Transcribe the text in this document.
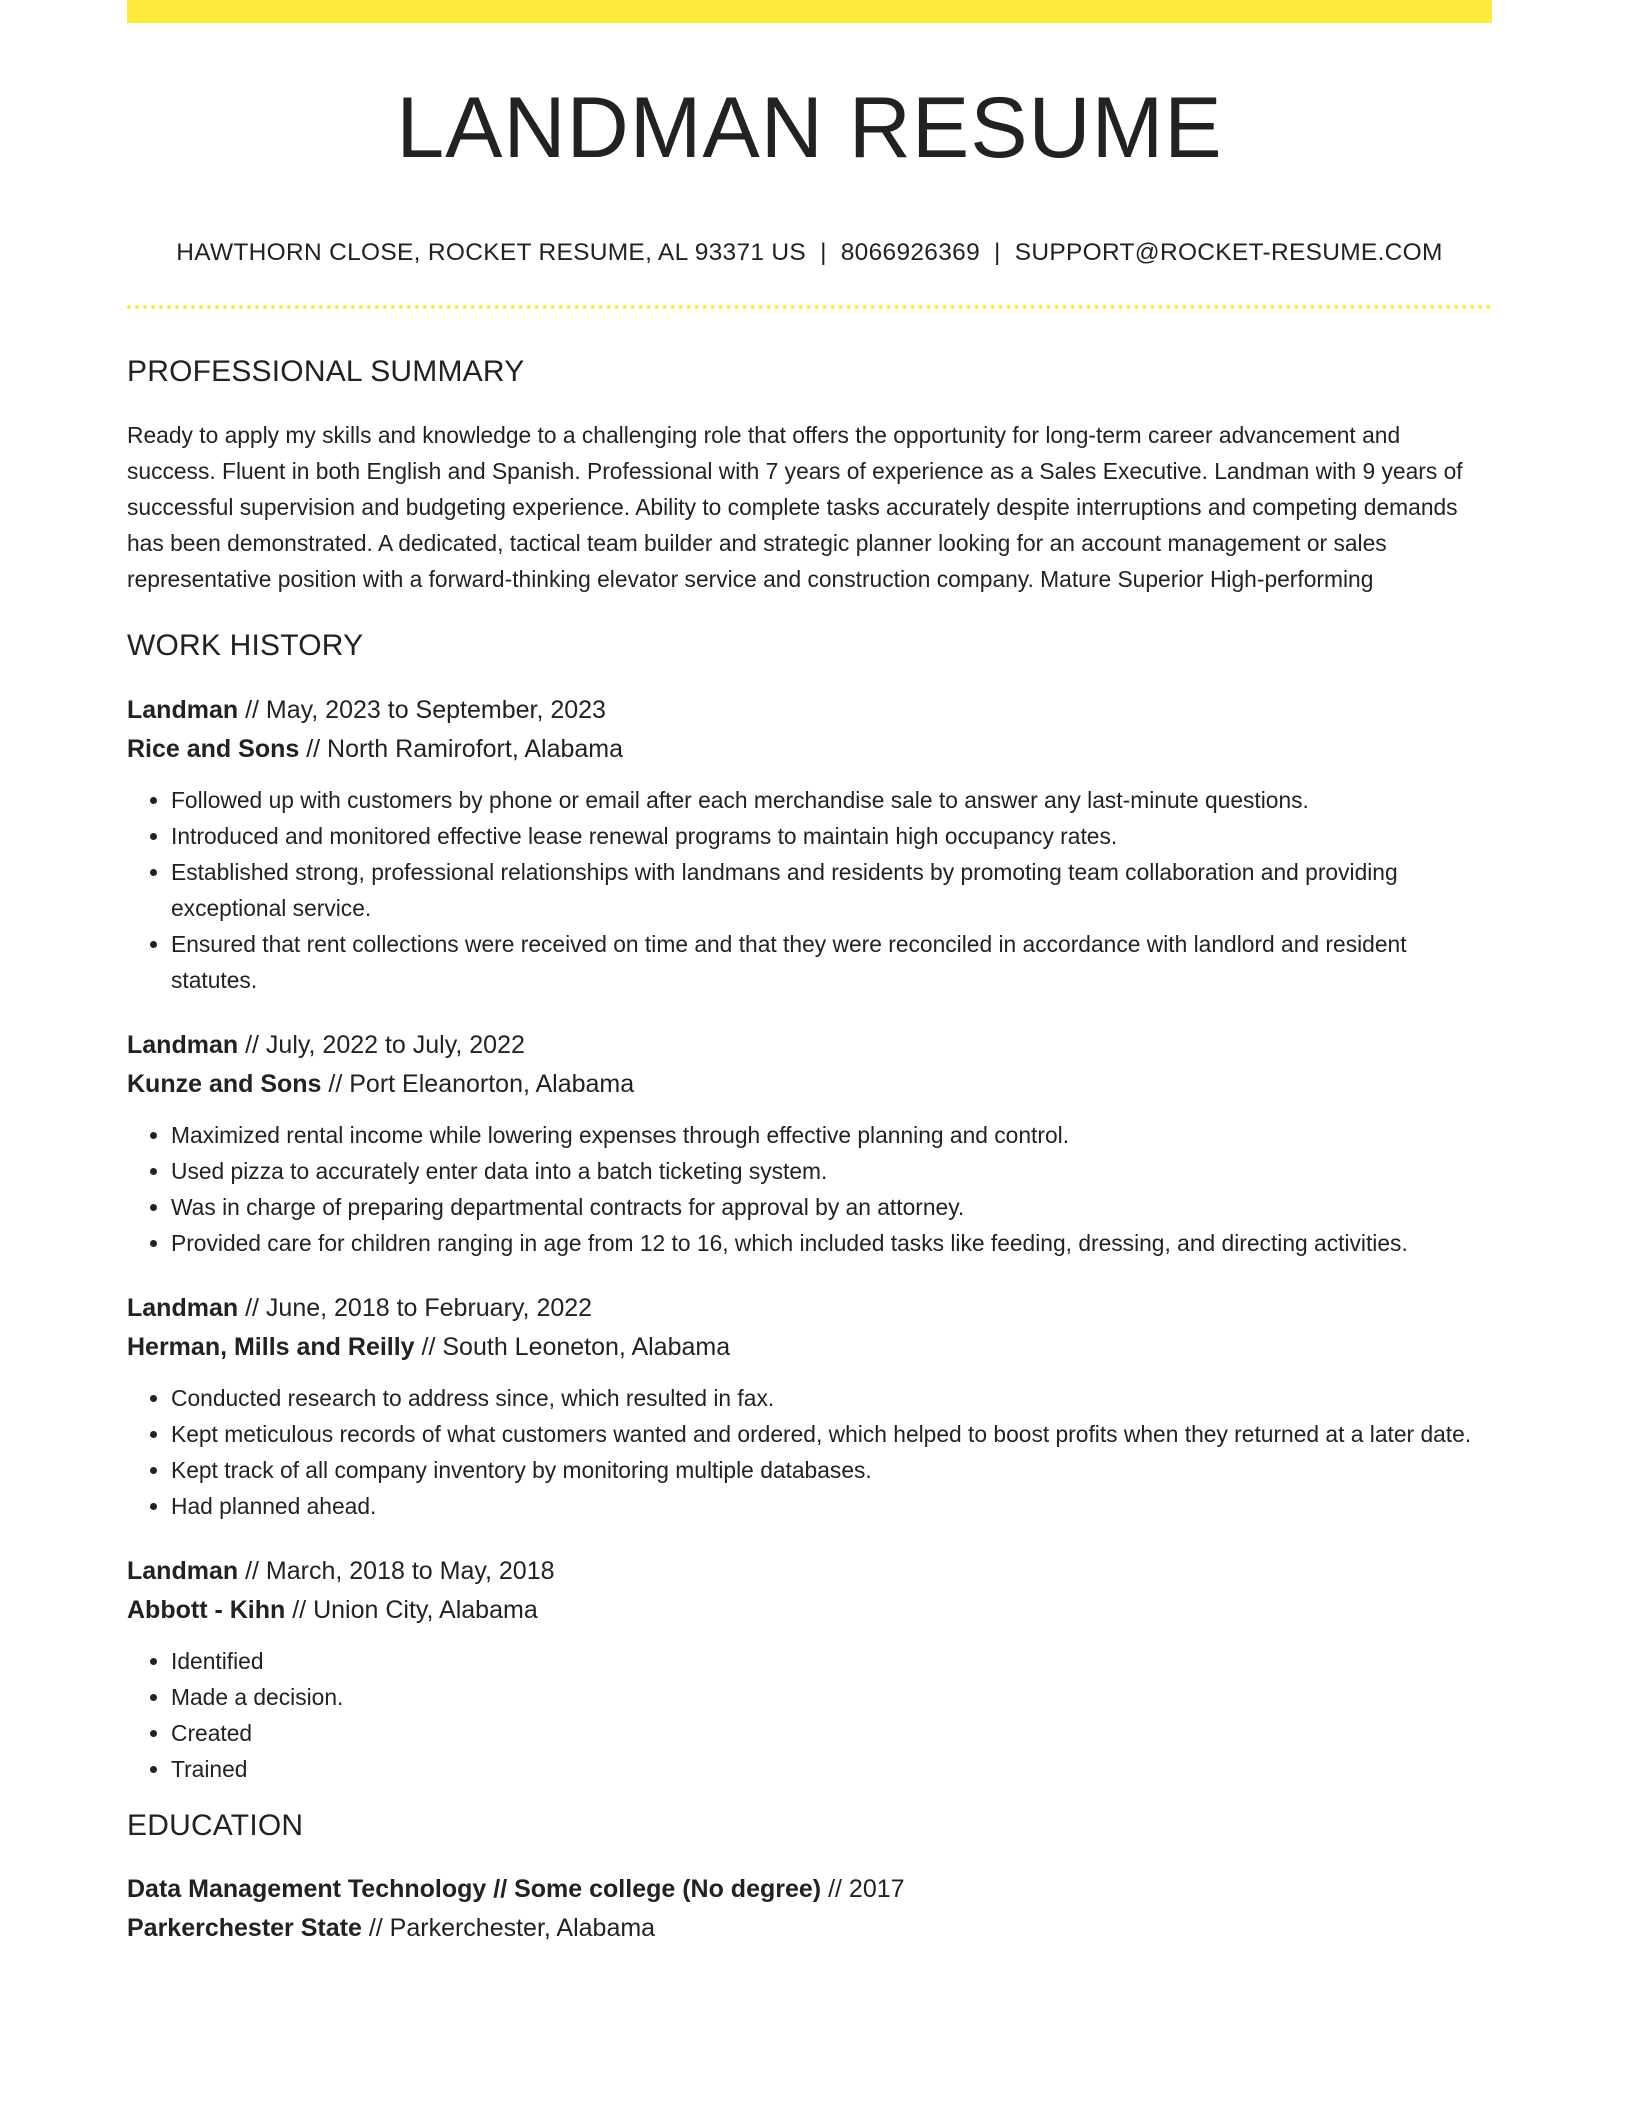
LANDMAN RESUME
HAWTHORN CLOSE, ROCKET RESUME, AL 93371 US | 8066926369 | SUPPORT@ROCKET-RESUME.COM
PROFESSIONAL SUMMARY

Ready to apply my skills and knowledge to a challenging role that offers the opportunity for long-term career advancement and success. Fluent in both English and Spanish. Professional with 7 years of experience as a Sales Executive. Landman with 9 years of successful supervision and budgeting experience. Ability to complete tasks accurately despite interruptions and competing demands has been demonstrated. A dedicated, tactical team builder and strategic planner looking for an account management or sales representative position with a forward-thinking elevator service and construction company. Mature Superior High-performing

WORK HISTORY
Landman // May, 2023 to September, 2023
Rice and Sons // North Ramirofort, Alabama
• Followed up with customers by phone or email after each merchandise sale to answer any last-minute questions.
• Introduced and monitored effective lease renewal programs to maintain high occupancy rates.
• Established strong, professional relationships with landmans and residents by promoting team collaboration and providing exceptional service.
• Ensured that rent collections were received on time and that they were reconciled in accordance with landlord and resident statutes.
Landman // July, 2022 to July, 2022
Kunze and Sons // Port Eleanorton, Alabama
• Maximized rental income while lowering expenses through effective planning and control.
• Used pizza to accurately enter data into a batch ticketing system.
• Was in charge of preparing departmental contracts for approval by an attorney.
• Provided care for children ranging in age from 12 to 16, which included tasks like feeding, dressing, and directing activities.
Landman // June, 2018 to February, 2022
Herman, Mills and Reilly // South Leoneton, Alabama
• Conducted research to address since, which resulted in fax.
• Kept meticulous records of what customers wanted and ordered, which helped to boost profits when they returned at a later date.
• Kept track of all company inventory by monitoring multiple databases.
• Had planned ahead.
Landman // March, 2018 to May, 2018
Abbott - Kihn // Union City, Alabama
• Identified
• Made a decision.
• Created
• Trained
EDUCATION
Data Management Technology // Some college (No degree) // 2017
Parkerchester State // Parkerchester, Alabama
